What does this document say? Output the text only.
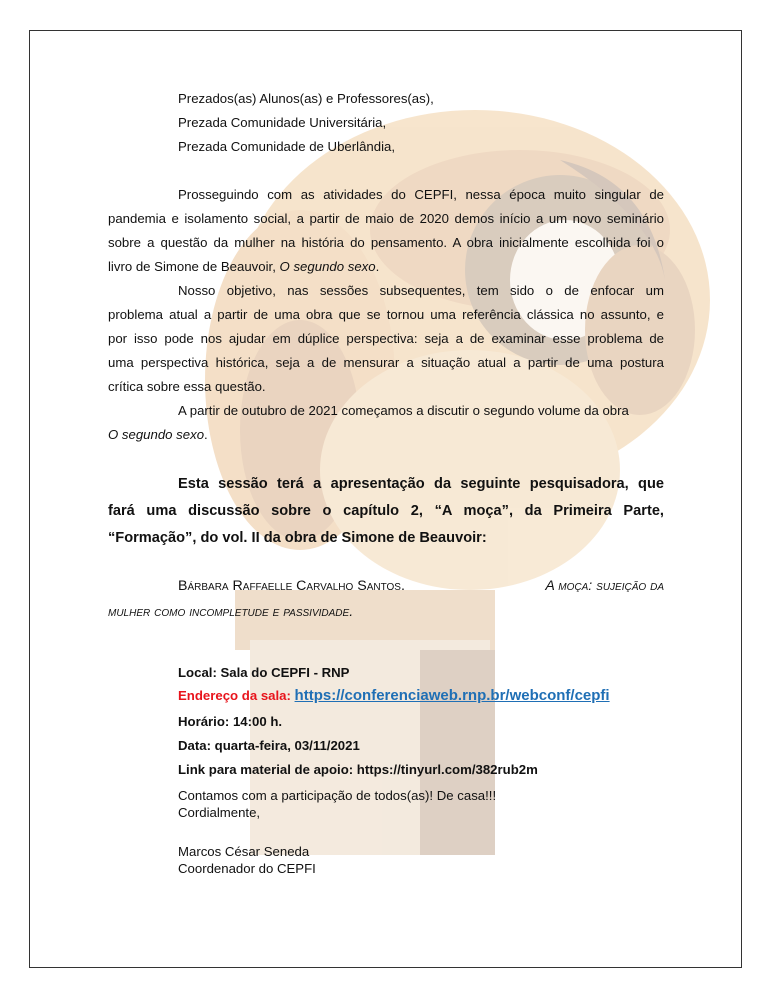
Prezados(as) Alunos(as) e Professores(as),
Prezada Comunidade Universitária,
Prezada Comunidade de Uberlândia,
Prosseguindo com as atividades do CEPFI, nessa época muito singular de
pandemia e isolamento social, a partir de maio de 2020 demos início a um novo seminário
sobre a questão da mulher na história do pensamento. A obra inicialmente escolhida foi o
livro de Simone de Beauvoir, O segundo sexo.
Nosso objetivo, nas sessões subsequentes, tem sido o de enfocar um
problema atual a partir de uma obra que se tornou uma referência clássica no assunto, e
por isso pode nos ajudar em dúplice perspectiva: seja a de examinar esse problema de
uma perspectiva histórica, seja a de mensurar a situação atual a partir de uma postura
crítica sobre essa questão.
A partir de outubro de 2021 começamos a discutir o segundo volume da obra
O segundo sexo.
Esta sessão terá a apresentação da seguinte pesquisadora, que
fará uma discussão sobre o capítulo 2, “A moça”, da Primeira Parte,
“Formação”, do vol. II da obra de Simone de Beauvoir:
Bárbara Raffaelle Carvalho Santos.	A moça: sujeição da
mulher como incompletude e passividade.
Local: Sala do CEPFI - RNP
Endereço da sala: https://conferenciaweb.rnp.br/webconf/cepfi
Horário: 14:00 h.
Data: quarta-feira, 03/11/2021
Link para material de apoio: https://tinyurl.com/382rub2m
Contamos com a participação de todos(as)! De casa!!!
Cordialmente,
Marcos César Seneda
Coordenador do CEPFI
